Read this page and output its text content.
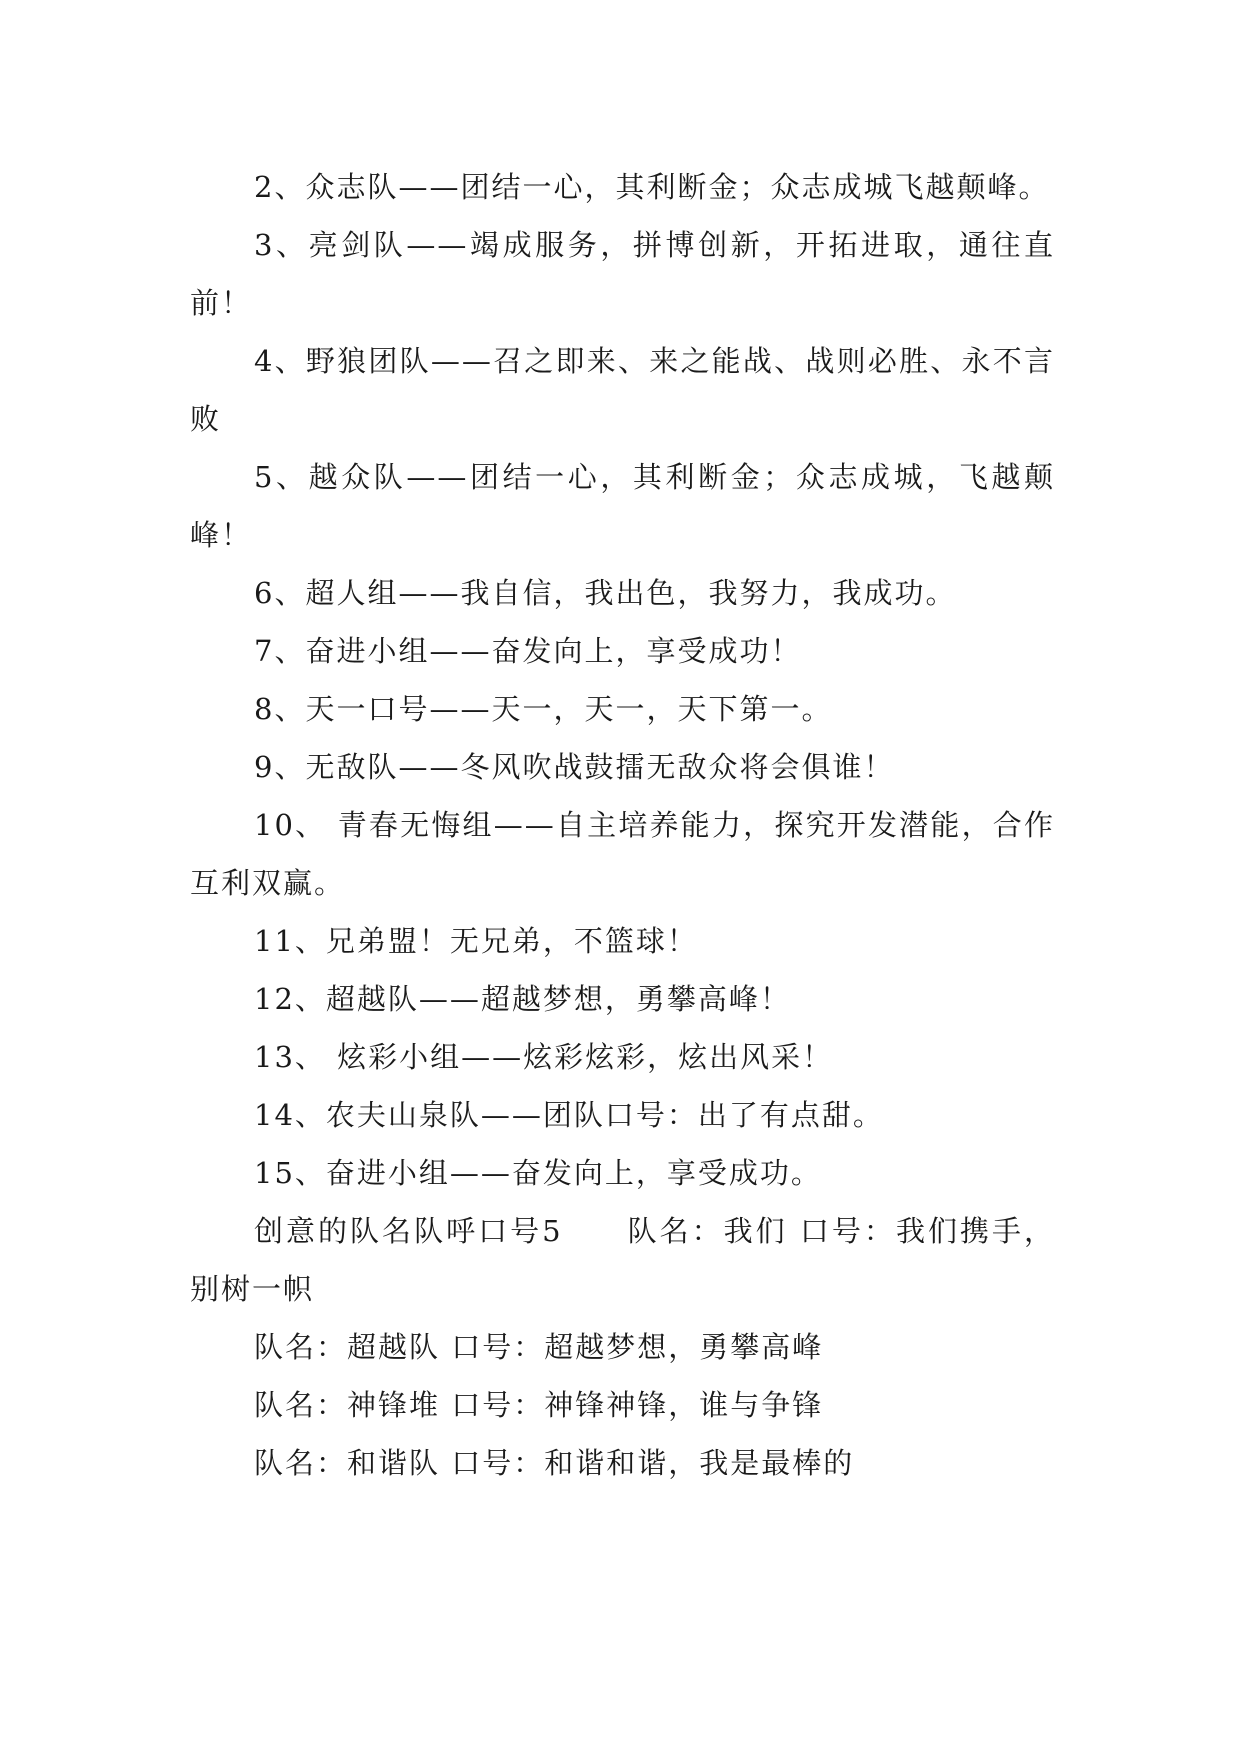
2、众志队——团结一心，其利断金；众志成城飞越颠峰。

3、亮剑队——竭成服务，拼博创新，开拓进取，通往直前！

4、野狼团队——召之即来、来之能战、战则必胜、永不言败

5、越众队——团结一心，其利断金；众志成城，飞越颠峰！

6、超人组——我自信，我出色，我努力，我成功。

7、奋进小组——奋发向上，享受成功！

8、天一口号——天一，天一，天下第一。

9、无敌队——冬风吹战鼓擂无敌众将会俱谁！

10、 青春无悔组——自主培养能力，探究开发潜能，合作互利双赢。

11、兄弟盟！无兄弟，不篮球！

12、超越队——超越梦想，勇攀高峰！

13、 炫彩小组——炫彩炫彩，炫出风采！

14、农夫山泉队——团队口号：出了有点甜。

15、奋进小组——奋发向上，享受成功。

创意的队名队呼口号5　　队名：我们 口号：我们携手，别树一帜

队名：超越队 口号：超越梦想，勇攀高峰

队名：神锋堆 口号：神锋神锋，谁与争锋

队名：和谐队 口号：和谐和谐，我是最棒的
